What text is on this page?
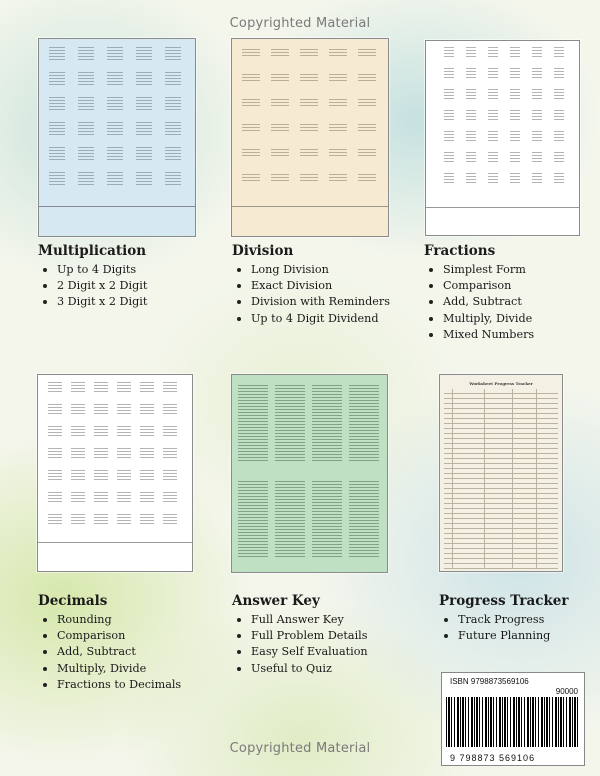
Copyrighted Material
Worksheet Progress Tracker
Multiplication
Up to 4 Digits
2 Digit x 2 Digit
3 Digit x 2 Digit
Division
Long Division
Exact Division
Division with Reminders
Up to 4 Digit Dividend
Fractions
Simplest Form
Comparison
Add, Subtract
Multiply, Divide
Mixed Numbers
Decimals
Rounding
Comparison
Add, Subtract
Multiply, Divide
Fractions to Decimals
Answer Key
Full Answer Key
Full Problem Details
Easy Self Evaluation
Useful to Quiz
Progress Tracker
Track Progress
Future Planning
ISBN 9798873569106
90000
9 798873 569106
Copyrighted Material
